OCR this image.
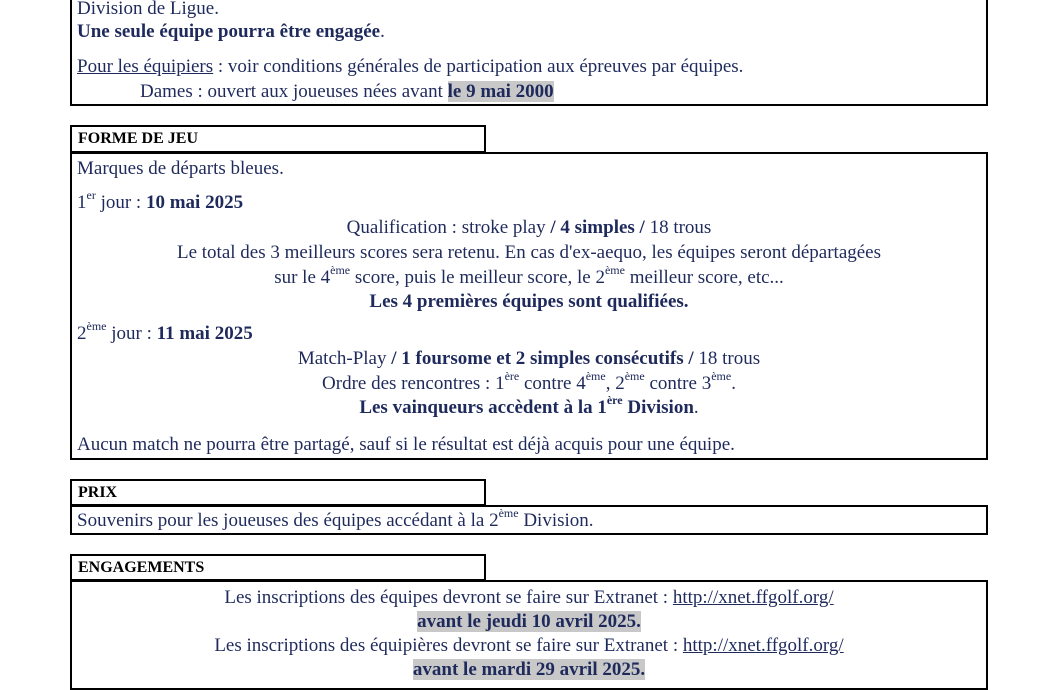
Division de Ligue.
Une seule équipe pourra être engagée.
Pour les équipiers : voir conditions générales de participation aux épreuves par équipes.
Dames : ouvert aux joueuses nées avant le 9 mai 2000
FORME DE JEU
Marques de départs bleues.
1er jour : 10 mai 2025
Qualification : stroke play / 4 simples / 18 trous
Le total des 3 meilleurs scores sera retenu. En cas d'ex-aequo, les équipes seront départagées
sur le 4ème score, puis le meilleur score, le 2ème meilleur score, etc...
Les 4 premières équipes sont qualifiées.
2ème jour : 11 mai 2025
Match-Play / 1 foursome et 2 simples consécutifs / 18 trous
Ordre des rencontres : 1ère contre 4ème, 2ème contre 3ème.
Les vainqueurs accèdent à la 1ère Division.
Aucun match ne pourra être partagé, sauf si le résultat est déjà acquis pour une équipe.
PRIX
Souvenirs pour les joueuses des équipes accédant à la 2ème Division.
ENGAGEMENTS
Les inscriptions des équipes devront se faire sur Extranet : http://xnet.ffgolf.org/
avant le jeudi 10 avril 2025.
Les inscriptions des équipières devront se faire sur Extranet : http://xnet.ffgolf.org/
avant le mardi 29 avril 2025.
